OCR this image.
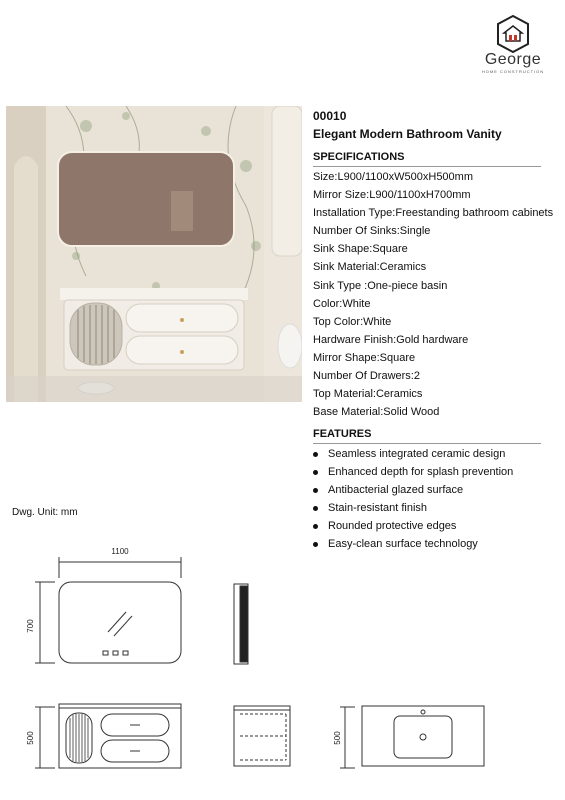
George
HOME CONSTRUCTION
00010
Elegant Modern Bathroom Vanity
SPECIFICATIONS
Size:L900/1100xW500xH500mm
Mirror Size:L900/1100xH700mm
Installation Type:Freestanding bathroom cabinets
Number Of Sinks:Single
Sink Shape:Square
Sink Material:Ceramics
Sink Type :One-piece basin
Color:White
Top Color:White
Hardware Finish:Gold hardware
Mirror Shape:Square
Number Of Drawers:2
Top Material:Ceramics
Base Material:Solid Wood
FEATURES
Seamless integrated ceramic design
Enhanced depth for splash prevention
Antibacterial glazed surface
Stain-resistant finish
Rounded protective edges
Easy-clean surface technology
Dwg. Unit: mm
1100
700
500	500
